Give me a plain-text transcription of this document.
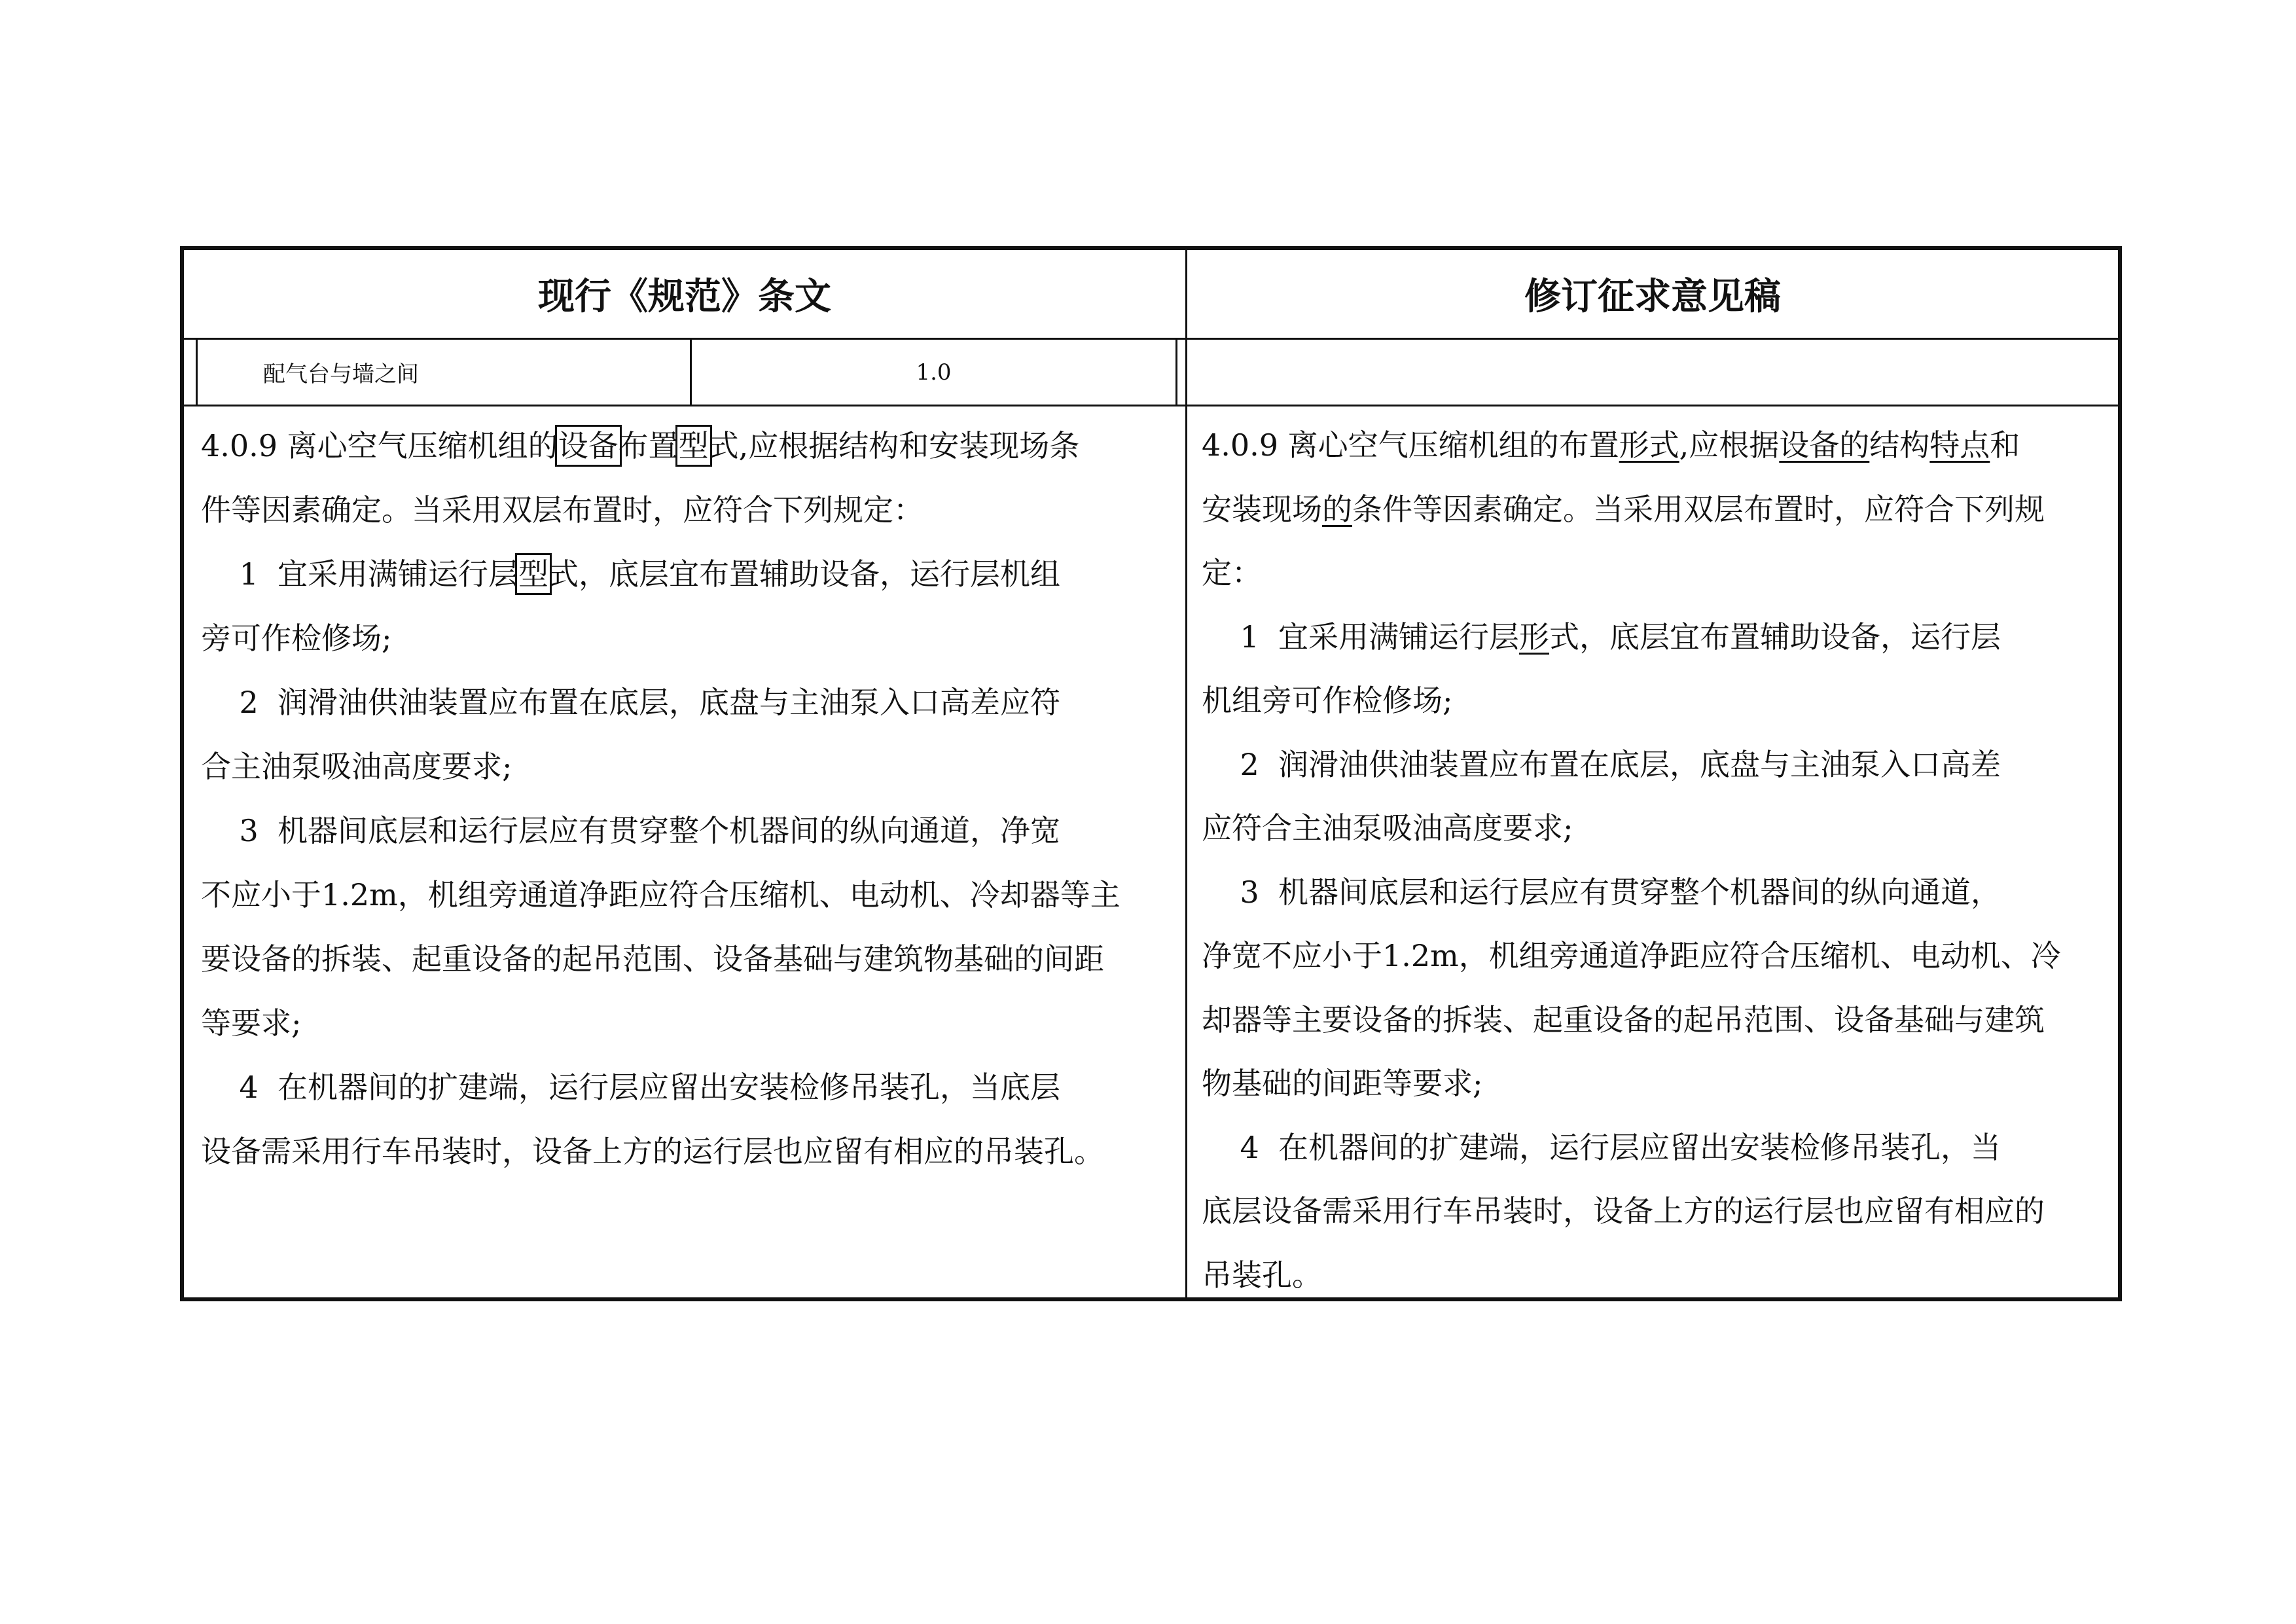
现行《规范》条文	修订征求意见稿
配气台与墙之间	1.0
4.0.9 离心空气压缩机组的设备布置型式,应根据结构和安装现场条
件等因素确定。当采用双层布置时，应符合下列规定：
1  宜采用满铺运行层型式，底层宜布置辅助设备，运行层机组
旁可作检修场;
2  润滑油供油装置应布置在底层，底盘与主油泵入口高差应符
合主油泵吸油高度要求;
3  机器间底层和运行层应有贯穿整个机器间的纵向通道，净宽
不应小于1.2m，机组旁通道净距应符合压缩机、电动机、冷却器等主
要设备的拆装、起重设备的起吊范围、设备基础与建筑物基础的间距
等要求;
4  在机器间的扩建端，运行层应留出安装检修吊装孔，当底层
设备需采用行车吊装时，设备上方的运行层也应留有相应的吊装孔。
4.0.9 离心空气压缩机组的布置形式,应根据设备的结构特点和
安装现场的条件等因素确定。当采用双层布置时，应符合下列规
定：
1  宜采用满铺运行层形式，底层宜布置辅助设备，运行层
机组旁可作检修场;
2  润滑油供油装置应布置在底层，底盘与主油泵入口高差
应符合主油泵吸油高度要求;
3  机器间底层和运行层应有贯穿整个机器间的纵向通道，
净宽不应小于1.2m，机组旁通道净距应符合压缩机、电动机、冷
却器等主要设备的拆装、起重设备的起吊范围、设备基础与建筑
物基础的间距等要求;
4  在机器间的扩建端，运行层应留出安装检修吊装孔，当
底层设备需采用行车吊装时，设备上方的运行层也应留有相应的
吊装孔。
